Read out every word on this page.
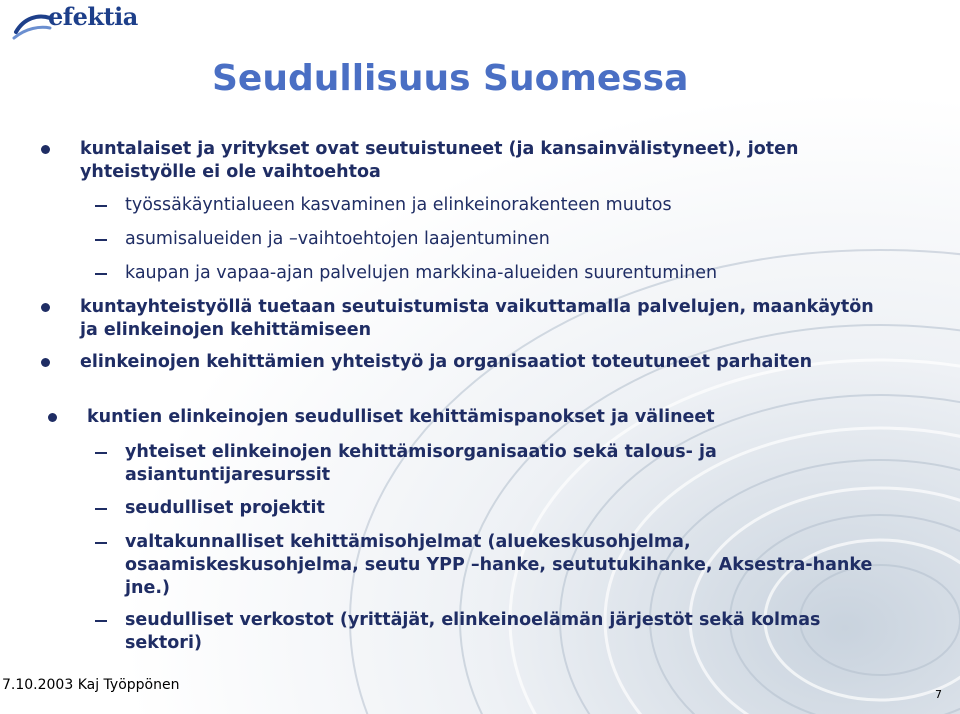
efektia
Seudullisuus Suomessa
kuntalaiset ja yritykset ovat seutuistuneet (ja kansainvälistyneet), joten yhteistyölle ei ole vaihtoehtoa
työssäkäyntialueen kasvaminen ja elinkeinorakenteen muutos
asumisalueiden ja –vaihtoehtojen laajentuminen
kaupan ja vapaa-ajan palvelujen markkina-alueiden suurentuminen
kuntayhteistyöllä tuetaan seutuistumista vaikuttamalla palvelujen, maankäytön ja elinkeinojen kehittämiseen
elinkeinojen kehittämien yhteistyö ja organisaatiot toteutuneet parhaiten
kuntien elinkeinojen seudulliset kehittämispanokset ja välineet
yhteiset elinkeinojen kehittämisorganisaatio sekä talous- ja asiantuntijaresurssit
seudulliset projektit
valtakunnalliset kehittämisohjelmat (aluekeskusohjelma, osaamiskeskusohjelma, seutu YPP –hanke, seututukihanke, Aksestra-hanke jne.)
seudulliset verkostot (yrittäjät, elinkeinoelämän järjestöt sekä kolmas sektori)
7.10.2003 Kaj Työppönen
7
